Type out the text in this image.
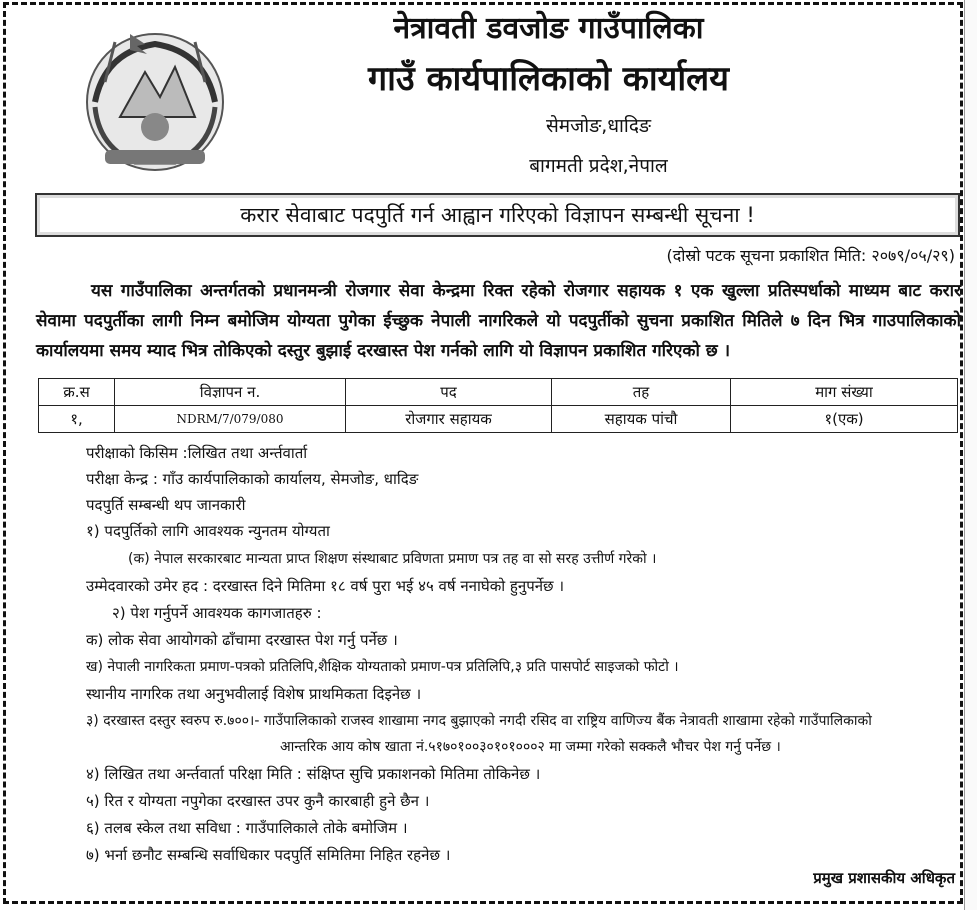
नेत्रावती डवजोङ गाउँपालिका
गाउँ कार्यपालिकाको कार्यालय
सेमजोङ,धादिङ
बागमती प्रदेश,नेपाल
करार सेवाबाट पदपुर्ति गर्न आह्वान गरिएको विज्ञापन सम्बन्धी सूचना !
(दोस्रो पटक सूचना प्रकाशित मिति: २०७९/०५/२९)
यस गाउँपालिका अन्तर्गतको प्रधानमन्त्री रोजगार सेवा केन्द्रमा रिक्त रहेको रोजगार सहायक १ एक खुल्ला प्रतिस्पर्धाको माध्यम बाट करार सेवामा पदपुर्तीका लागी निम्न बमोजिम योग्यता पुगेका ईच्छुक नेपाली नागरिकले यो पदपुर्तीको सुचना प्रकाशित मितिले ७ दिन भित्र गाउपालिकाको कार्यालयमा समय म्याद भित्र तोकिएको दस्तुर बुझाई दरखास्त पेश गर्नको लागि यो विज्ञापन प्रकाशित गरिएको छ ।
क्र.स	विज्ञापन न.	पद	तह	माग संख्या
१,	NDRM/7/079/080	रोजगार सहायक	सहायक पांचौ	१(एक)
परीक्षाको किसिम :लिखित तथा अर्न्तवार्ता
परीक्षा केन्द्र : गाँउ कार्यपालिकाको कार्यालय, सेमजोङ, धादिङ
पदपुर्ति सम्बन्धी थप जानकारी
१) पदपुर्तिको लागि आवश्यक न्युनतम योग्यता
(क) नेपाल सरकारबाट मान्यता प्राप्त शिक्षण संस्थाबाट प्रविणता प्रमाण पत्र तह वा सो सरह उत्तीर्ण गरेको ।
उम्मेदवारको उमेर हद : दरखास्त दिने मितिमा १८ वर्ष पुरा भई ४५ वर्ष ननाघेको हुनुपर्नेछ ।
२) पेश गर्नुपर्ने आवश्यक कागजातहरु :
क) लोक सेवा आयोगको ढाँचामा दरखास्त पेश गर्नु पर्नेछ ।
ख) नेपाली नागरिकता प्रमाण-पत्रको प्रतिलिपि,शैक्षिक योग्यताको प्रमाण-पत्र प्रतिलिपि,३ प्रति पासपोर्ट साइजको फोटो ।
स्थानीय नागरिक तथा अनुभवीलाई विशेष प्राथमिकता दिइनेछ ।
३) दरखास्त दस्तुर स्वरुप रु.७००।- गाउँपालिकाको राजस्व शाखामा नगद बुझाएको नगदी रसिद वा राष्ट्रिय वाणिज्य बैंक नेत्रावती शाखामा रहेको गाउँपालिकाको
आन्तरिक आय कोष खाता नं.५१७०१००३०१०१०००२ मा जम्मा गरेको सक्कलै भौचर पेश गर्नु पर्नेछ ।
४) लिखित तथा अर्न्तवार्ता परिक्षा मिति : संक्षिप्त सुचि प्रकाशनको मितिमा तोकिनेछ ।
५) रित र योग्यता नपुगेका दरखास्त उपर कुनै कारबाही हुने छैन ।
६) तलब स्केल तथा सविधा : गाउँपालिकाले तोके बमोजिम ।
७) भर्ना छनौट सम्बन्धि सर्वाधिकार पदपुर्ति समितिमा निहित रहनेछ ।
प्रमुख प्रशासकीय अधिकृत
